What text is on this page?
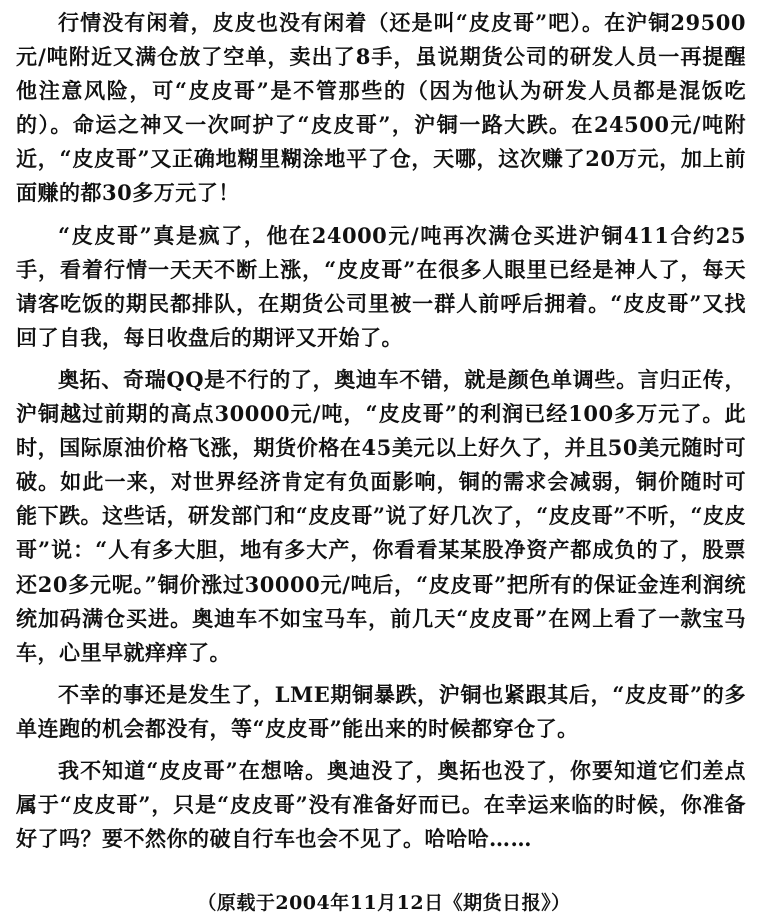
行情没有闲着，皮皮也没有闲着（还是叫“皮皮哥”吧）。在沪铜29500元/吨附近又满仓放了空单，卖出了8手，虽说期货公司的研发人员一再提醒他注意风险，可“皮皮哥”是不管那些的（因为他认为研发人员都是混饭吃的）。命运之神又一次呵护了“皮皮哥”，沪铜一路大跌。在24500元/吨附近，“皮皮哥”又正确地糊里糊涂地平了仓，天哪，这次赚了20万元，加上前面赚的都30多万元了！

“皮皮哥”真是疯了，他在24000元/吨再次满仓买进沪铜411合约25手，看着行情一天天不断上涨，“皮皮哥”在很多人眼里已经是神人了，每天请客吃饭的期民都排队，在期货公司里被一群人前呼后拥着。“皮皮哥”又找回了自我，每日收盘后的期评又开始了。

奥拓、奇瑞QQ是不行的了，奥迪车不错，就是颜色单调些。言归正传，沪铜越过前期的高点30000元/吨，“皮皮哥”的利润已经100多万元了。此时，国际原油价格飞涨，期货价格在45美元以上好久了，并且50美元随时可破。如此一来，对世界经济肯定有负面影响，铜的需求会减弱，铜价随时可能下跌。这些话，研发部门和“皮皮哥”说了好几次了，“皮皮哥”不听，“皮皮哥”说：“人有多大胆，地有多大产，你看看某某股净资产都成负的了，股票还20多元呢。”铜价涨过30000元/吨后，“皮皮哥”把所有的保证金连利润统统加码满仓买进。奥迪车不如宝马车，前几天“皮皮哥”在网上看了一款宝马车，心里早就痒痒了。

不幸的事还是发生了，LME期铜暴跌，沪铜也紧跟其后，“皮皮哥”的多单连跑的机会都没有，等“皮皮哥”能出来的时候都穿仓了。

我不知道“皮皮哥”在想啥。奥迪没了，奥拓也没了，你要知道它们差点属于“皮皮哥”，只是“皮皮哥”没有准备好而已。在幸运来临的时候，你准备好了吗？要不然你的破自行车也会不见了。哈哈哈……

（原载于2004年11月12日《期货日报》）
